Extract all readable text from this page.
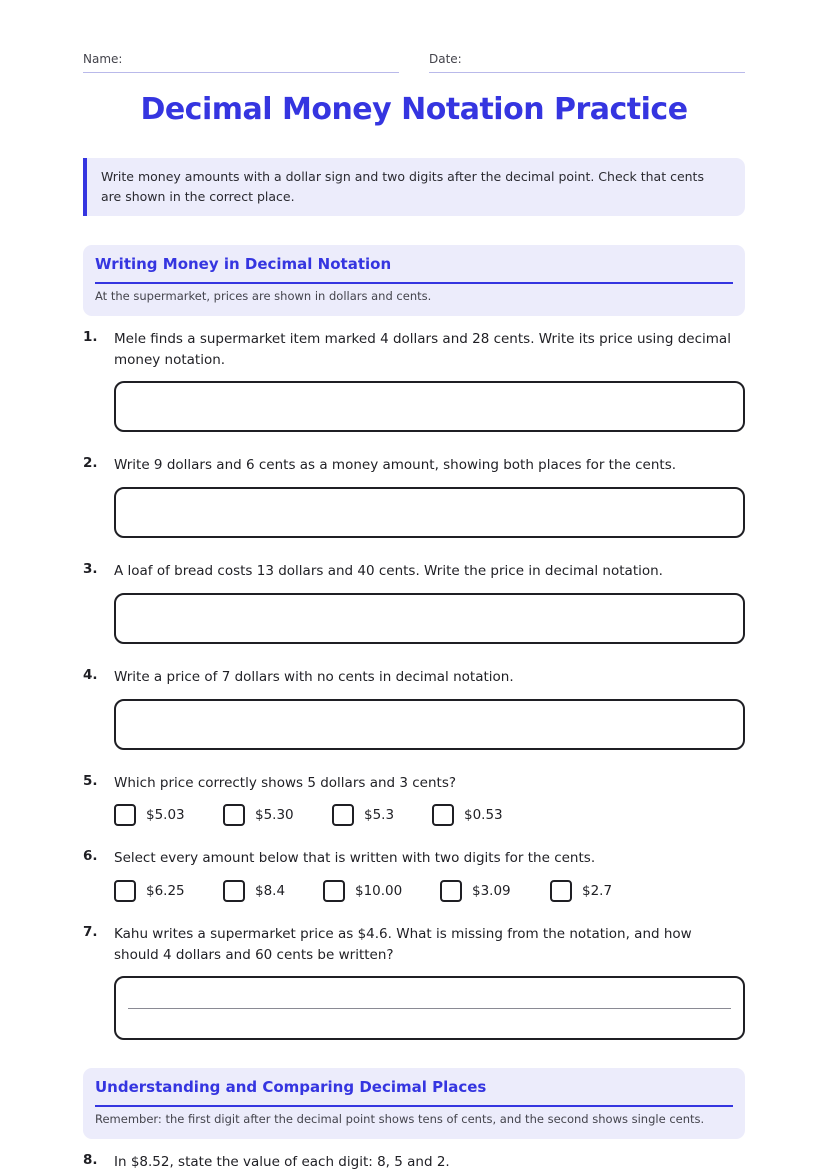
Name:	Date:
Decimal Money Notation Practice
Write money amounts with a dollar sign and two digits after the decimal point. Check that cents are shown in the correct place.
Writing Money in Decimal Notation
At the supermarket, prices are shown in dollars and cents.
1. Mele finds a supermarket item marked 4 dollars and 28 cents. Write its price using decimal money notation.
2. Write 9 dollars and 6 cents as a money amount, showing both places for the cents.
3. A loaf of bread costs 13 dollars and 40 cents. Write the price in decimal notation.
4. Write a price of 7 dollars with no cents in decimal notation.
5. Which price correctly shows 5 dollars and 3 cents?
$5.03	$5.30	$5.3	$0.53
6. Select every amount below that is written with two digits for the cents.
$6.25	$8.4	$10.00	$3.09	$2.7
7. Kahu writes a supermarket price as $4.6. What is missing from the notation, and how should 4 dollars and 60 cents be written?
Understanding and Comparing Decimal Places
Remember: the first digit after the decimal point shows tens of cents, and the second shows single cents.
8. In $8.52, state the value of each digit: 8, 5 and 2.
